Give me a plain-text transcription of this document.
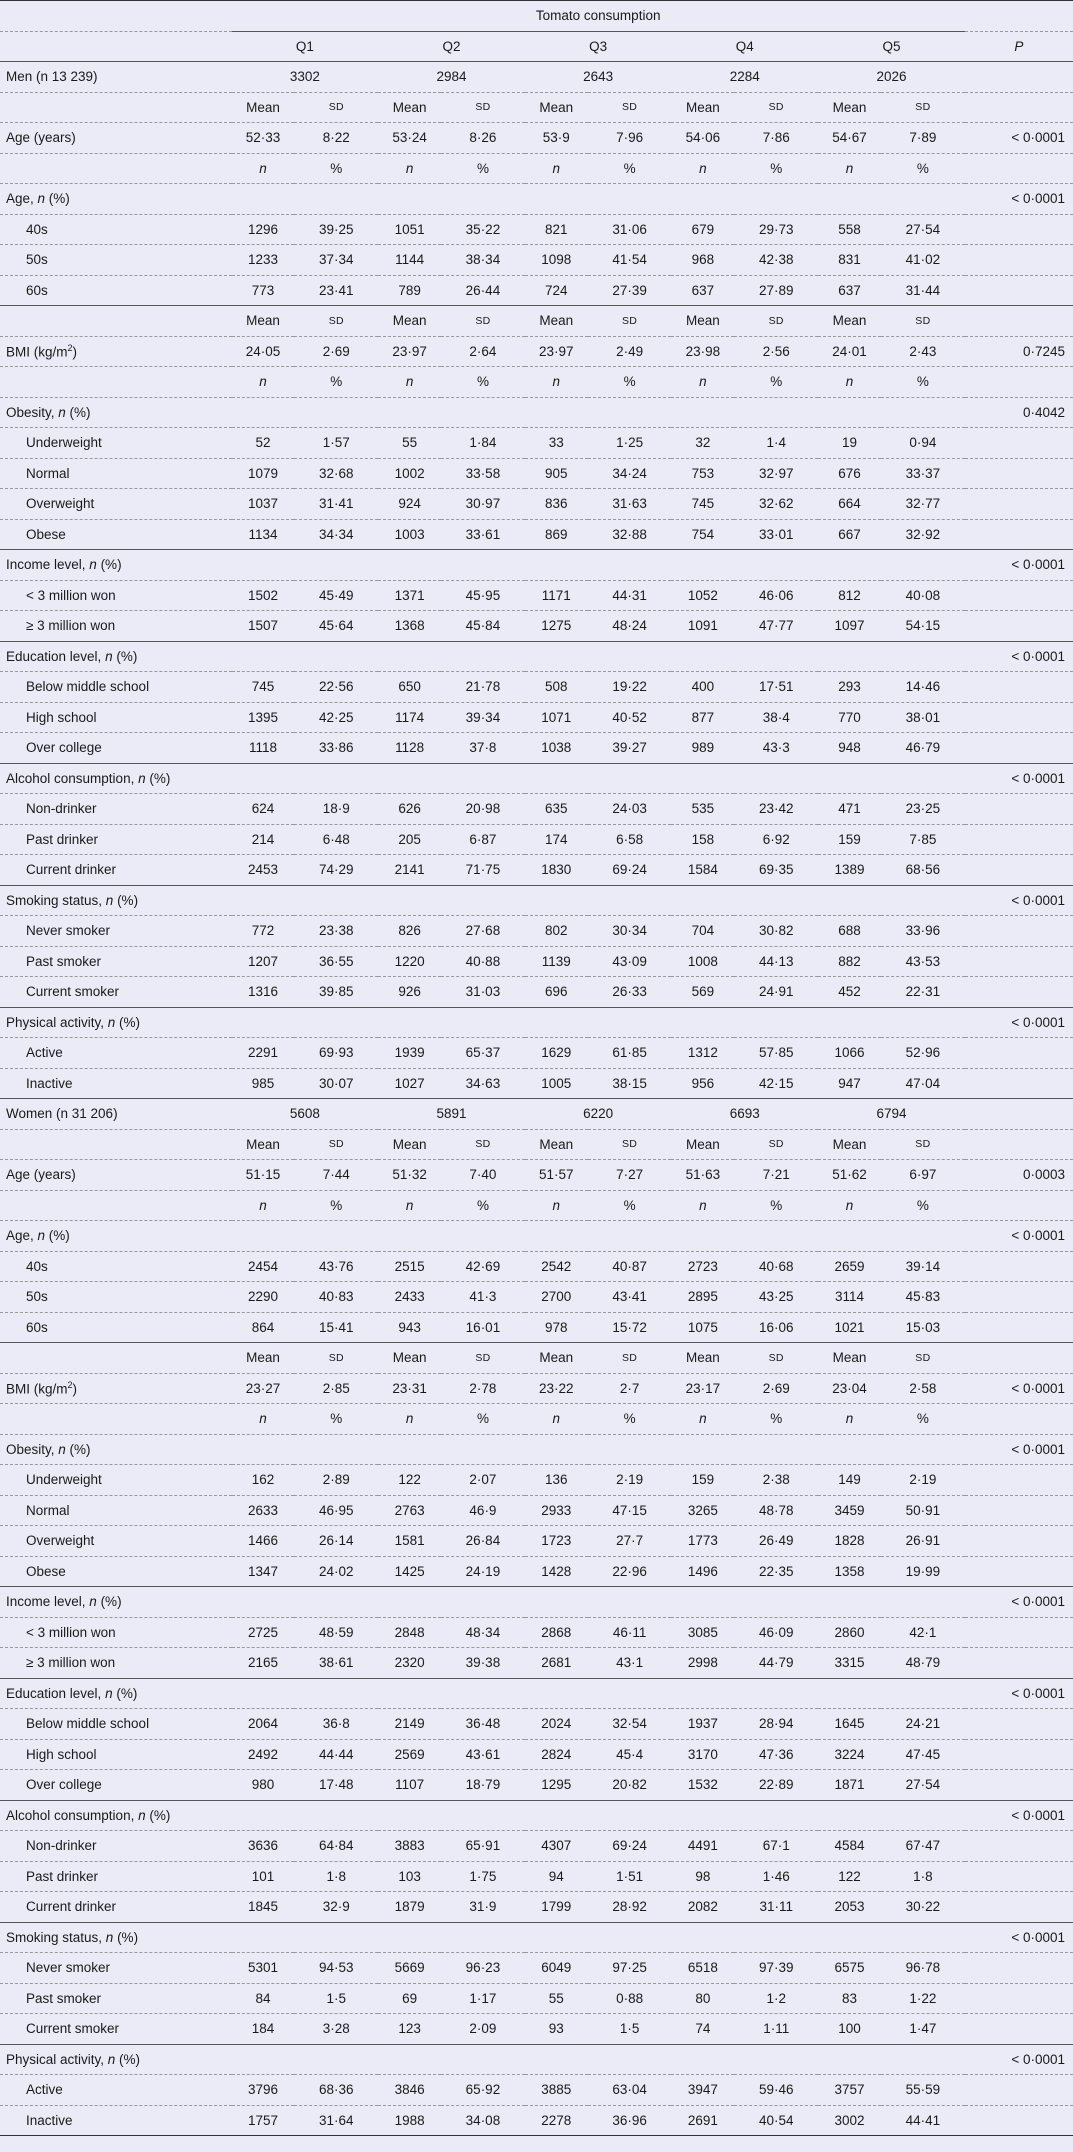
	Tomato consumption										
	Q1		Q2		Q3		Q4		Q5		P
Men (n 13 239)	3302		2984		2643		2284		2026		
	Mean	SD	Mean	SD	Mean	SD	Mean	SD	Mean	SD	
Age (years)	52·33	8·22	53·24	8·26	53·9	7·96	54·06	7·86	54·67	7·89	< 0·0001
	n	%	n	%	n	%	n	%	n	%	
Age, n (%)											< 0·0001
40s	1296	39·25	1051	35·22	821	31·06	679	29·73	558	27·54	
50s	1233	37·34	1144	38·34	1098	41·54	968	42·38	831	41·02	
60s	773	23·41	789	26·44	724	27·39	637	27·89	637	31·44	
	Mean	SD	Mean	SD	Mean	SD	Mean	SD	Mean	SD	
BMI $(kg/m^2)$	24·05	2·69	23·97	2·64	23·97	2·49	23·98	2·56	24·01	2·43	0·7245
	n	%	n	%	n	%	n	%	n	%	
Obesity, n (%)											0·4042
Underweight	52	1·57	55	1·84	33	1·25	32	1·4	19	0·94	
Normal	1079	32·68	1002	33·58	905	34·24	753	32·97	676	33·37	
Overweight	1037	31·41	924	30·97	836	31·63	745	32·62	664	32·77	
Obese	1134	34·34	1003	33·61	869	32·88	754	33·01	667	32·92	
Income level, n (%)											< 0·0001
< 3 million won	1502	45·49	1371	45·95	1171	44·31	1052	46·06	812	40·08	
≥ 3 million won	1507	45·64	1368	45·84	1275	48·24	1091	47·77	1097	54·15	
Education level, n (%)											< 0·0001
Below middle school	745	22·56	650	21·78	508	19·22	400	17·51	293	14·46	
High school	1395	42·25	1174	39·34	1071	40·52	877	38·4	770	38·01	
Over college	1118	33·86	1128	37·8	1038	39·27	989	43·3	948	46·79	
Alcohol consumption, n (%)											< 0·0001
Non-drinker	624	18·9	626	20·98	635	24·03	535	23·42	471	23·25	
Past drinker	214	6·48	205	6·87	174	6·58	158	6·92	159	7·85	
Current drinker	2453	74·29	2141	71·75	1830	69·24	1584	69·35	1389	68·56	
Smoking status, n (%)											< 0·0001
Never smoker	772	23·38	826	27·68	802	30·34	704	30·82	688	33·96	
Past smoker	1207	36·55	1220	40·88	1139	43·09	1008	44·13	882	43·53	
Current smoker	1316	39·85	926	31·03	696	26·33	569	24·91	452	22·31	
Physical activity, n (%)											< 0·0001
Active	2291	69·93	1939	65·37	1629	61·85	1312	57·85	1066	52·96	
Inactive	985	30·07	1027	34·63	1005	38·15	956	42·15	947	47·04	
Women (n 31 206)	5608		5891		6220		6693		6794		
	Mean	SD	Mean	SD	Mean	SD	Mean	SD	Mean	SD	
Age (years)	51·15	7·44	51·32	7·40	51·57	7·27	51·63	7·21	51·62	6·97	0·0003
	n	%	n	%	n	%	n	%	n	%	
Age, n (%)											< 0·0001
40s	2454	43·76	2515	42·69	2542	40·87	2723	40·68	2659	39·14	
50s	2290	40·83	2433	41·3	2700	43·41	2895	43·25	3114	45·83	
60s	864	15·41	943	16·01	978	15·72	1075	16·06	1021	15·03	
	Mean	SD	Mean	SD	Mean	SD	Mean	SD	Mean	SD	
BMI $(kg/m^2)$	23·27	2·85	23·31	2·78	23·22	2·7	23·17	2·69	23·04	2·58	< 0·0001
	n	%	n	%	n	%	n	%	n	%	
Obesity, n (%)											< 0·0001
Underweight	162	2·89	122	2·07	136	2·19	159	2·38	149	2·19	
Normal	2633	46·95	2763	46·9	2933	47·15	3265	48·78	3459	50·91	
Overweight	1466	26·14	1581	26·84	1723	27·7	1773	26·49	1828	26·91	
Obese	1347	24·02	1425	24·19	1428	22·96	1496	22·35	1358	19·99	
Income level, n (%)											< 0·0001
< 3 million won	2725	48·59	2848	48·34	2868	46·11	3085	46·09	2860	42·1	
≥ 3 million won	2165	38·61	2320	39·38	2681	43·1	2998	44·79	3315	48·79	
Education level, n (%)											< 0·0001
Below middle school	2064	36·8	2149	36·48	2024	32·54	1937	28·94	1645	24·21	
High school	2492	44·44	2569	43·61	2824	45·4	3170	47·36	3224	47·45	
Over college	980	17·48	1107	18·79	1295	20·82	1532	22·89	1871	27·54	
Alcohol consumption, n (%)											< 0·0001
Non-drinker	3636	64·84	3883	65·91	4307	69·24	4491	67·1	4584	67·47	
Past drinker	101	1·8	103	1·75	94	1·51	98	1·46	122	1·8	
Current drinker	1845	32·9	1879	31·9	1799	28·92	2082	31·11	2053	30·22	
Smoking status, n (%)											< 0·0001
Never smoker	5301	94·53	5669	96·23	6049	97·25	6518	97·39	6575	96·78	
Past smoker	84	1·5	69	1·17	55	0·88	80	1·2	83	1·22	
Current smoker	184	3·28	123	2·09	93	1·5	74	1·11	100	1·47	
Physical activity, n (%)											< 0·0001
Active	3796	68·36	3846	65·92	3885	63·04	3947	59·46	3757	55·59	
Inactive	1757	31·64	1988	34·08	2278	36·96	2691	40·54	3002	44·41	
